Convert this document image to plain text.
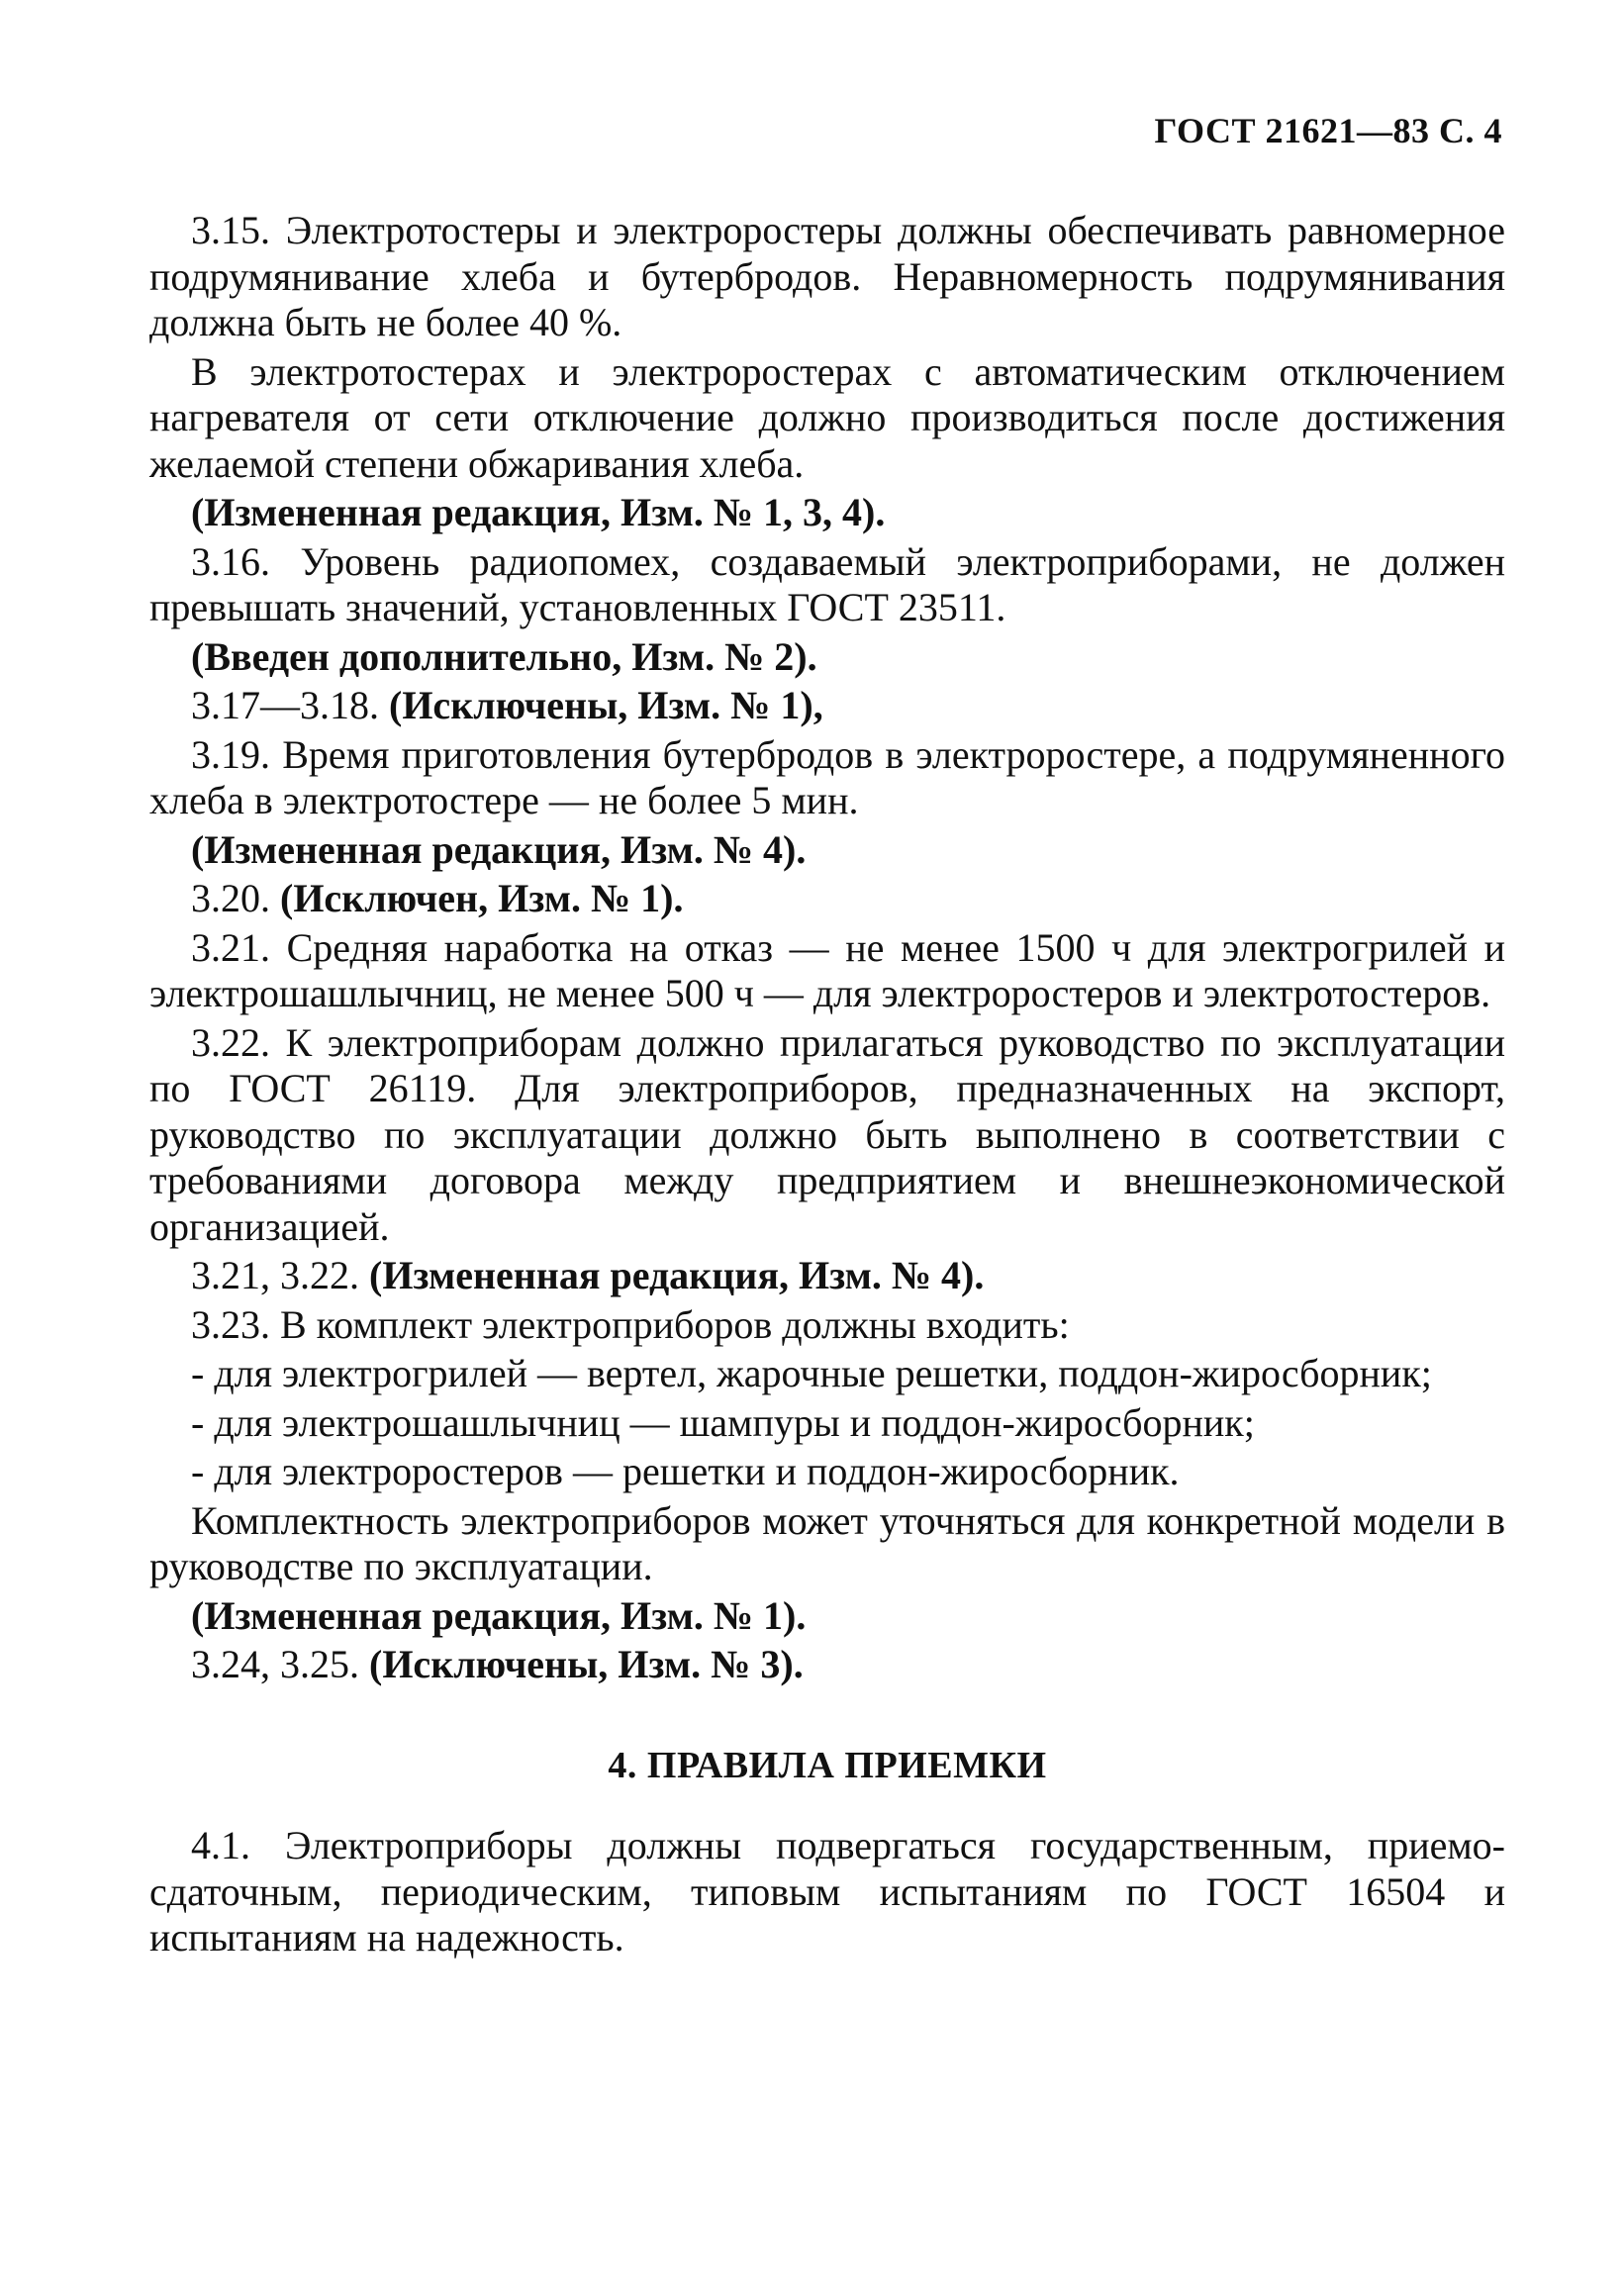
ГОСТ 21621—83 С. 4

3.15. Электротостеры и электроростеры должны обеспечивать равномерное подрумянивание хлеба и бутербродов. Неравномерность подрумянивания должна быть не более 40 %.

В электротостерах и электроростерах с автоматическим отключением нагревателя от сети отключение должно производиться после достижения желаемой степени обжаривания хлеба.

(Измененная редакция, Изм. № 1, 3, 4).

3.16. Уровень радиопомех, создаваемый электроприборами, не должен превышать значений, установленных ГОСТ 23511.

(Введен дополнительно, Изм. № 2).

3.17—3.18. (Исключены, Изм. № 1),

3.19. Время приготовления бутербродов в электроростере, а подрумяненного хлеба в электротостере — не более 5 мин.

(Измененная редакция, Изм. № 4).

3.20. (Исключен, Изм. № 1).

3.21. Средняя наработка на отказ — не менее 1500 ч для электрогрилей и электрошашлычниц, не менее 500 ч — для электроростеров и электротостеров.

3.22. К электроприборам должно прилагаться руководство по эксплуатации по ГОСТ 26119. Для электроприборов, предназначенных на экспорт, руководство по эксплуатации должно быть выполнено в соответствии с требованиями договора между предприятием и внешнеэкономической организацией.

3.21, 3.22. (Измененная редакция, Изм. № 4).

3.23. В комплект электроприборов должны входить:

- для электрогрилей — вертел, жарочные решетки, поддон-жиросборник;

- для электрошашлычниц — шампуры и поддон-жиросборник;

- для электроростеров — решетки и поддон-жиросборник.

Комплектность электроприборов может уточняться для конкретной модели в руководстве по эксплуатации.

(Измененная редакция, Изм. № 1).

3.24, 3.25. (Исключены, Изм. № 3).

4. ПРАВИЛА ПРИЕМКИ

4.1. Электроприборы должны подвергаться государственным, приемо-сдаточным, периодическим, типовым испытаниям по ГОСТ 16504 и испытаниям на надежность.
